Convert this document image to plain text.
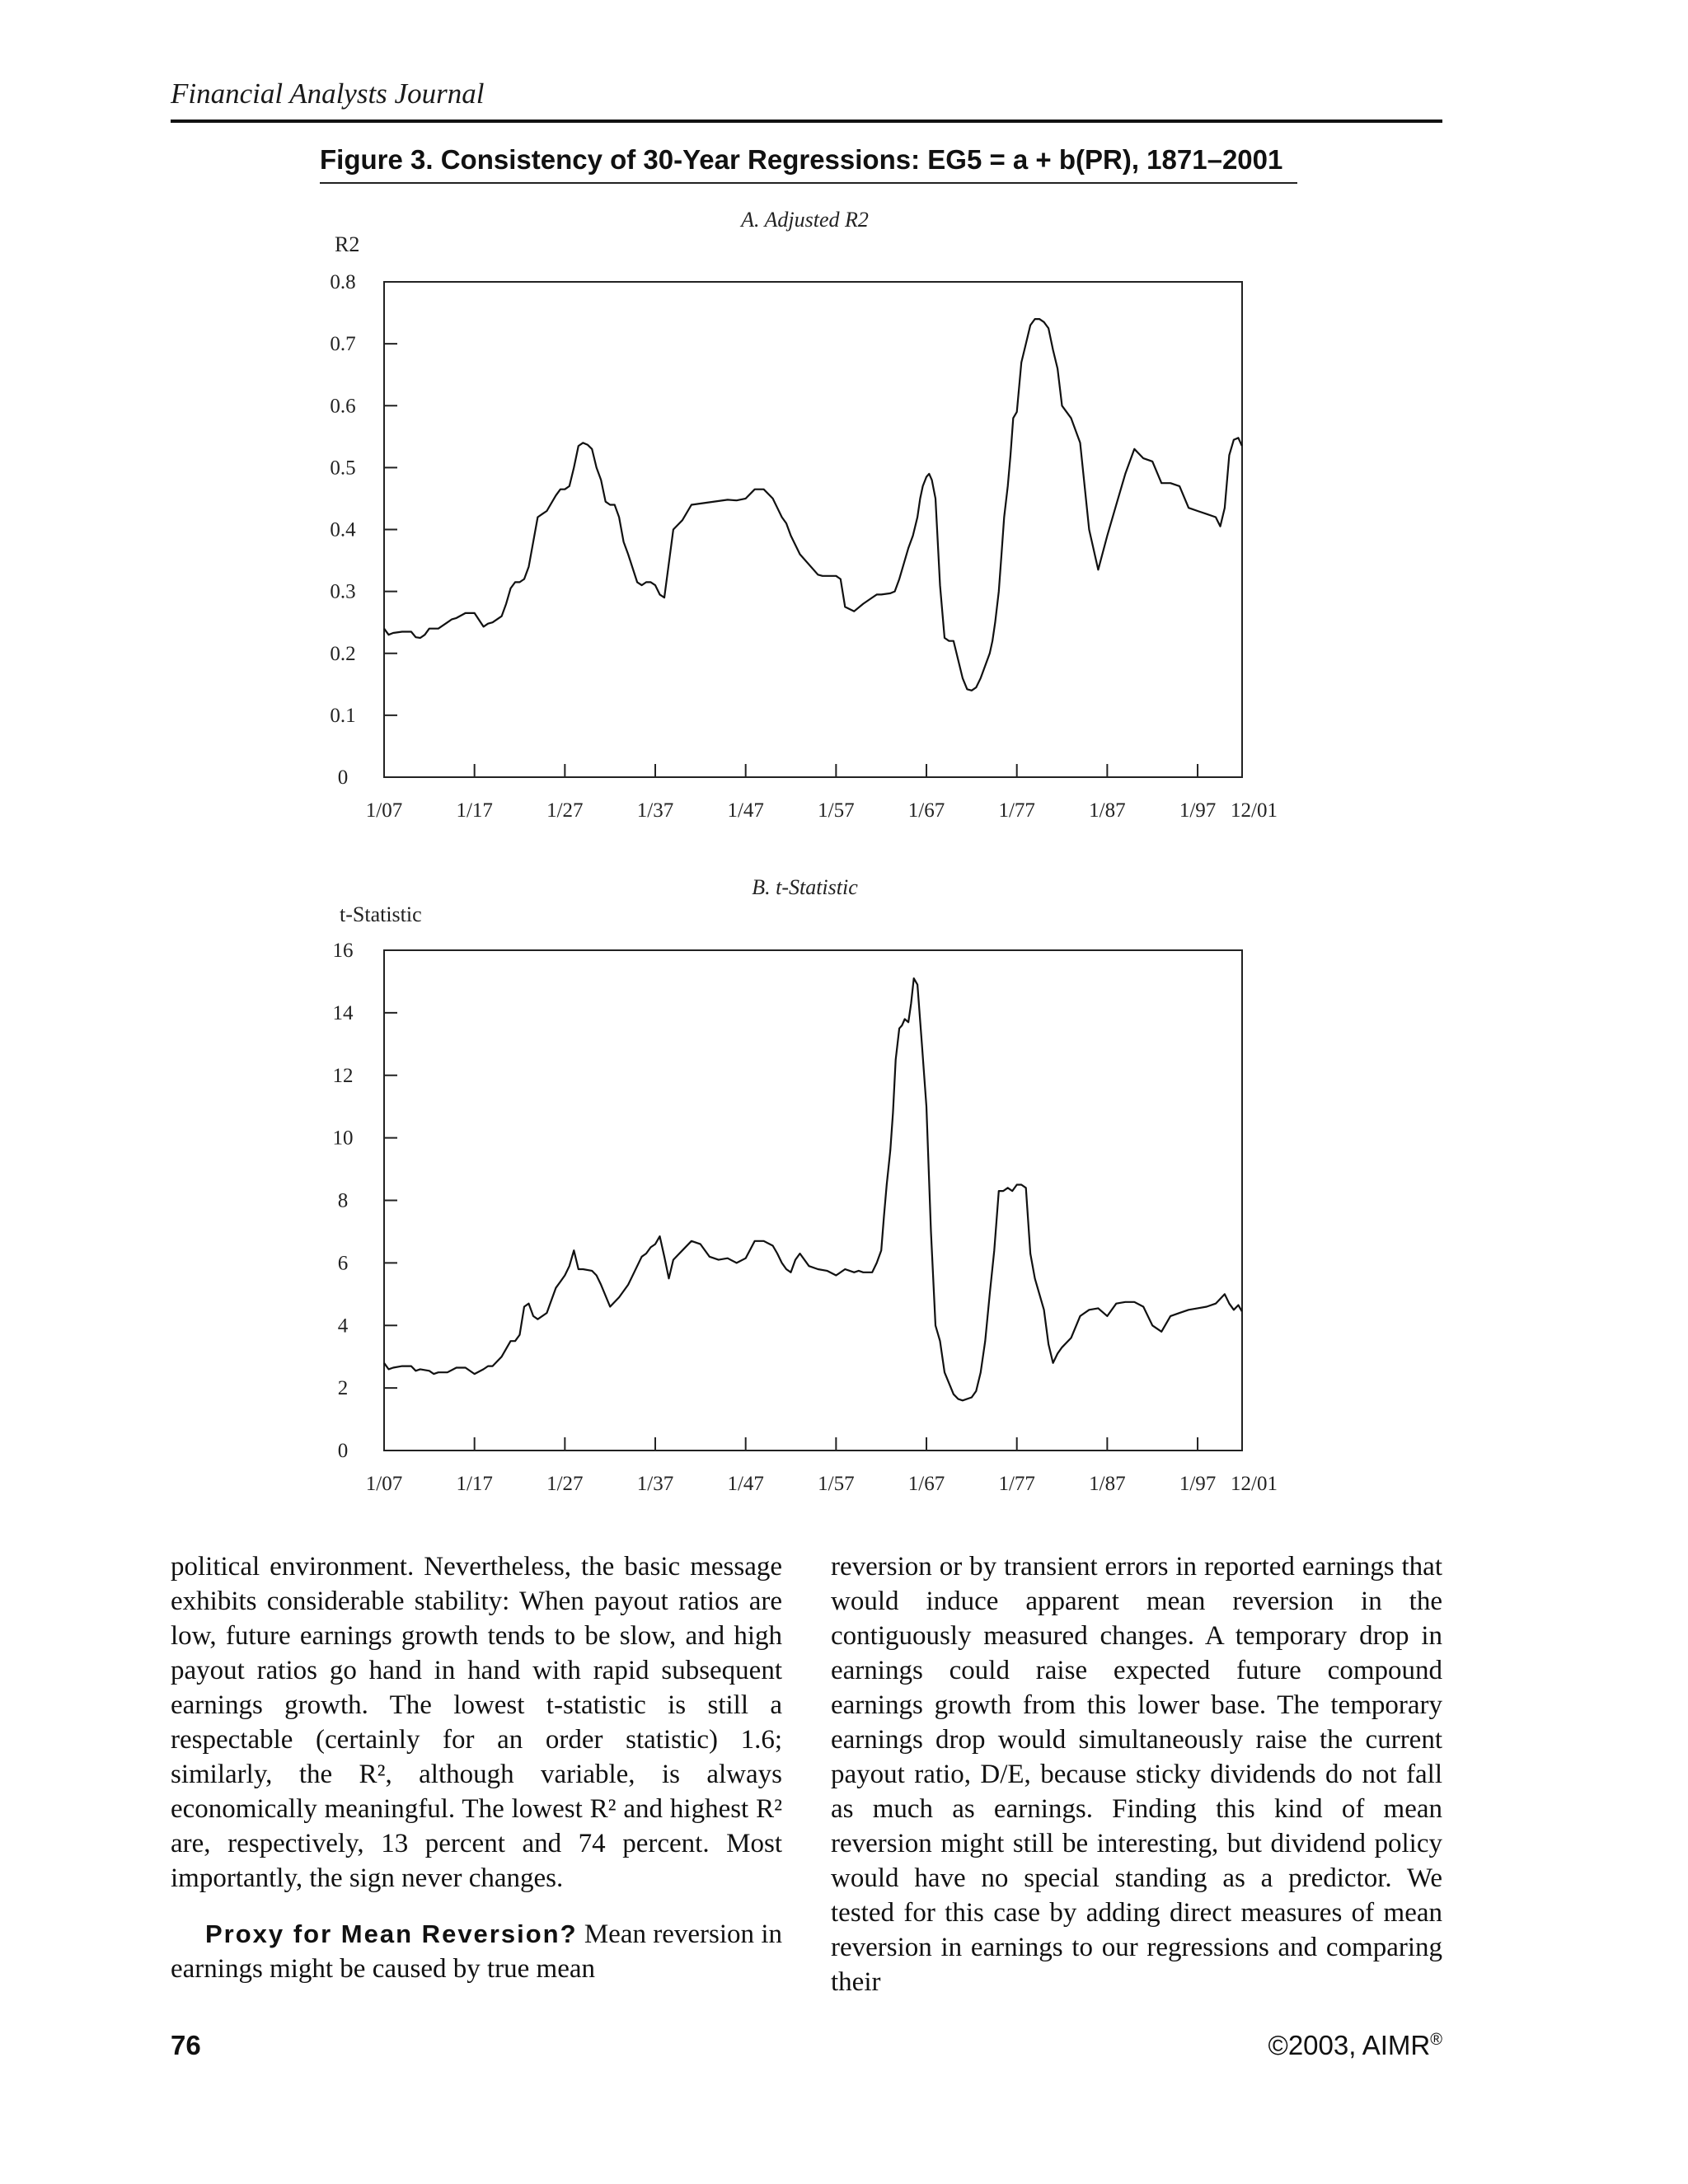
Financial Analysts Journal
Figure 3. Consistency of 30-Year Regressions: EG5 = a + b(PR), 1871–2001
A. Adjusted R2
R2
0
0.1
0.2
0.3
0.4
0.5
0.6
0.7
0.8
1/07	1/17	1/27	1/37	1/47	1/57	1/67	1/77	1/87	1/97 12/01
B. t-Statistic
t-Statistic
0
2
4
6
8
10
12
14
16
1/07	1/17	1/27	1/37	1/47	1/57	1/67	1/77	1/87	1/97 12/01

political environment. Nevertheless, the basic message exhibits considerable stability: When payout ratios are low, future earnings growth tends to be slow, and high payout ratios go hand in hand with rapid subsequent earnings growth. The lowest t-statistic is still a respectable (certainly for an order statistic) 1.6; similarly, the R², although variable, is always economically meaningful. The lowest R² and highest R² are, respectively, 13 percent and 74 percent. Most importantly, the sign never changes.

Proxy for Mean Reversion? Mean reversion in earnings might be caused by true mean

reversion or by transient errors in reported earnings that would induce apparent mean reversion in the contiguously measured changes. A temporary drop in earnings could raise expected future compound earnings growth from this lower base. The temporary earnings drop would simultaneously raise the current payout ratio, D/E, because sticky dividends do not fall as much as earnings. Finding this kind of mean reversion might still be interesting, but dividend policy would have no special standing as a predictor. We tested for this case by adding direct measures of mean reversion in earnings to our regressions and comparing their

76	©2003, AIMR®
